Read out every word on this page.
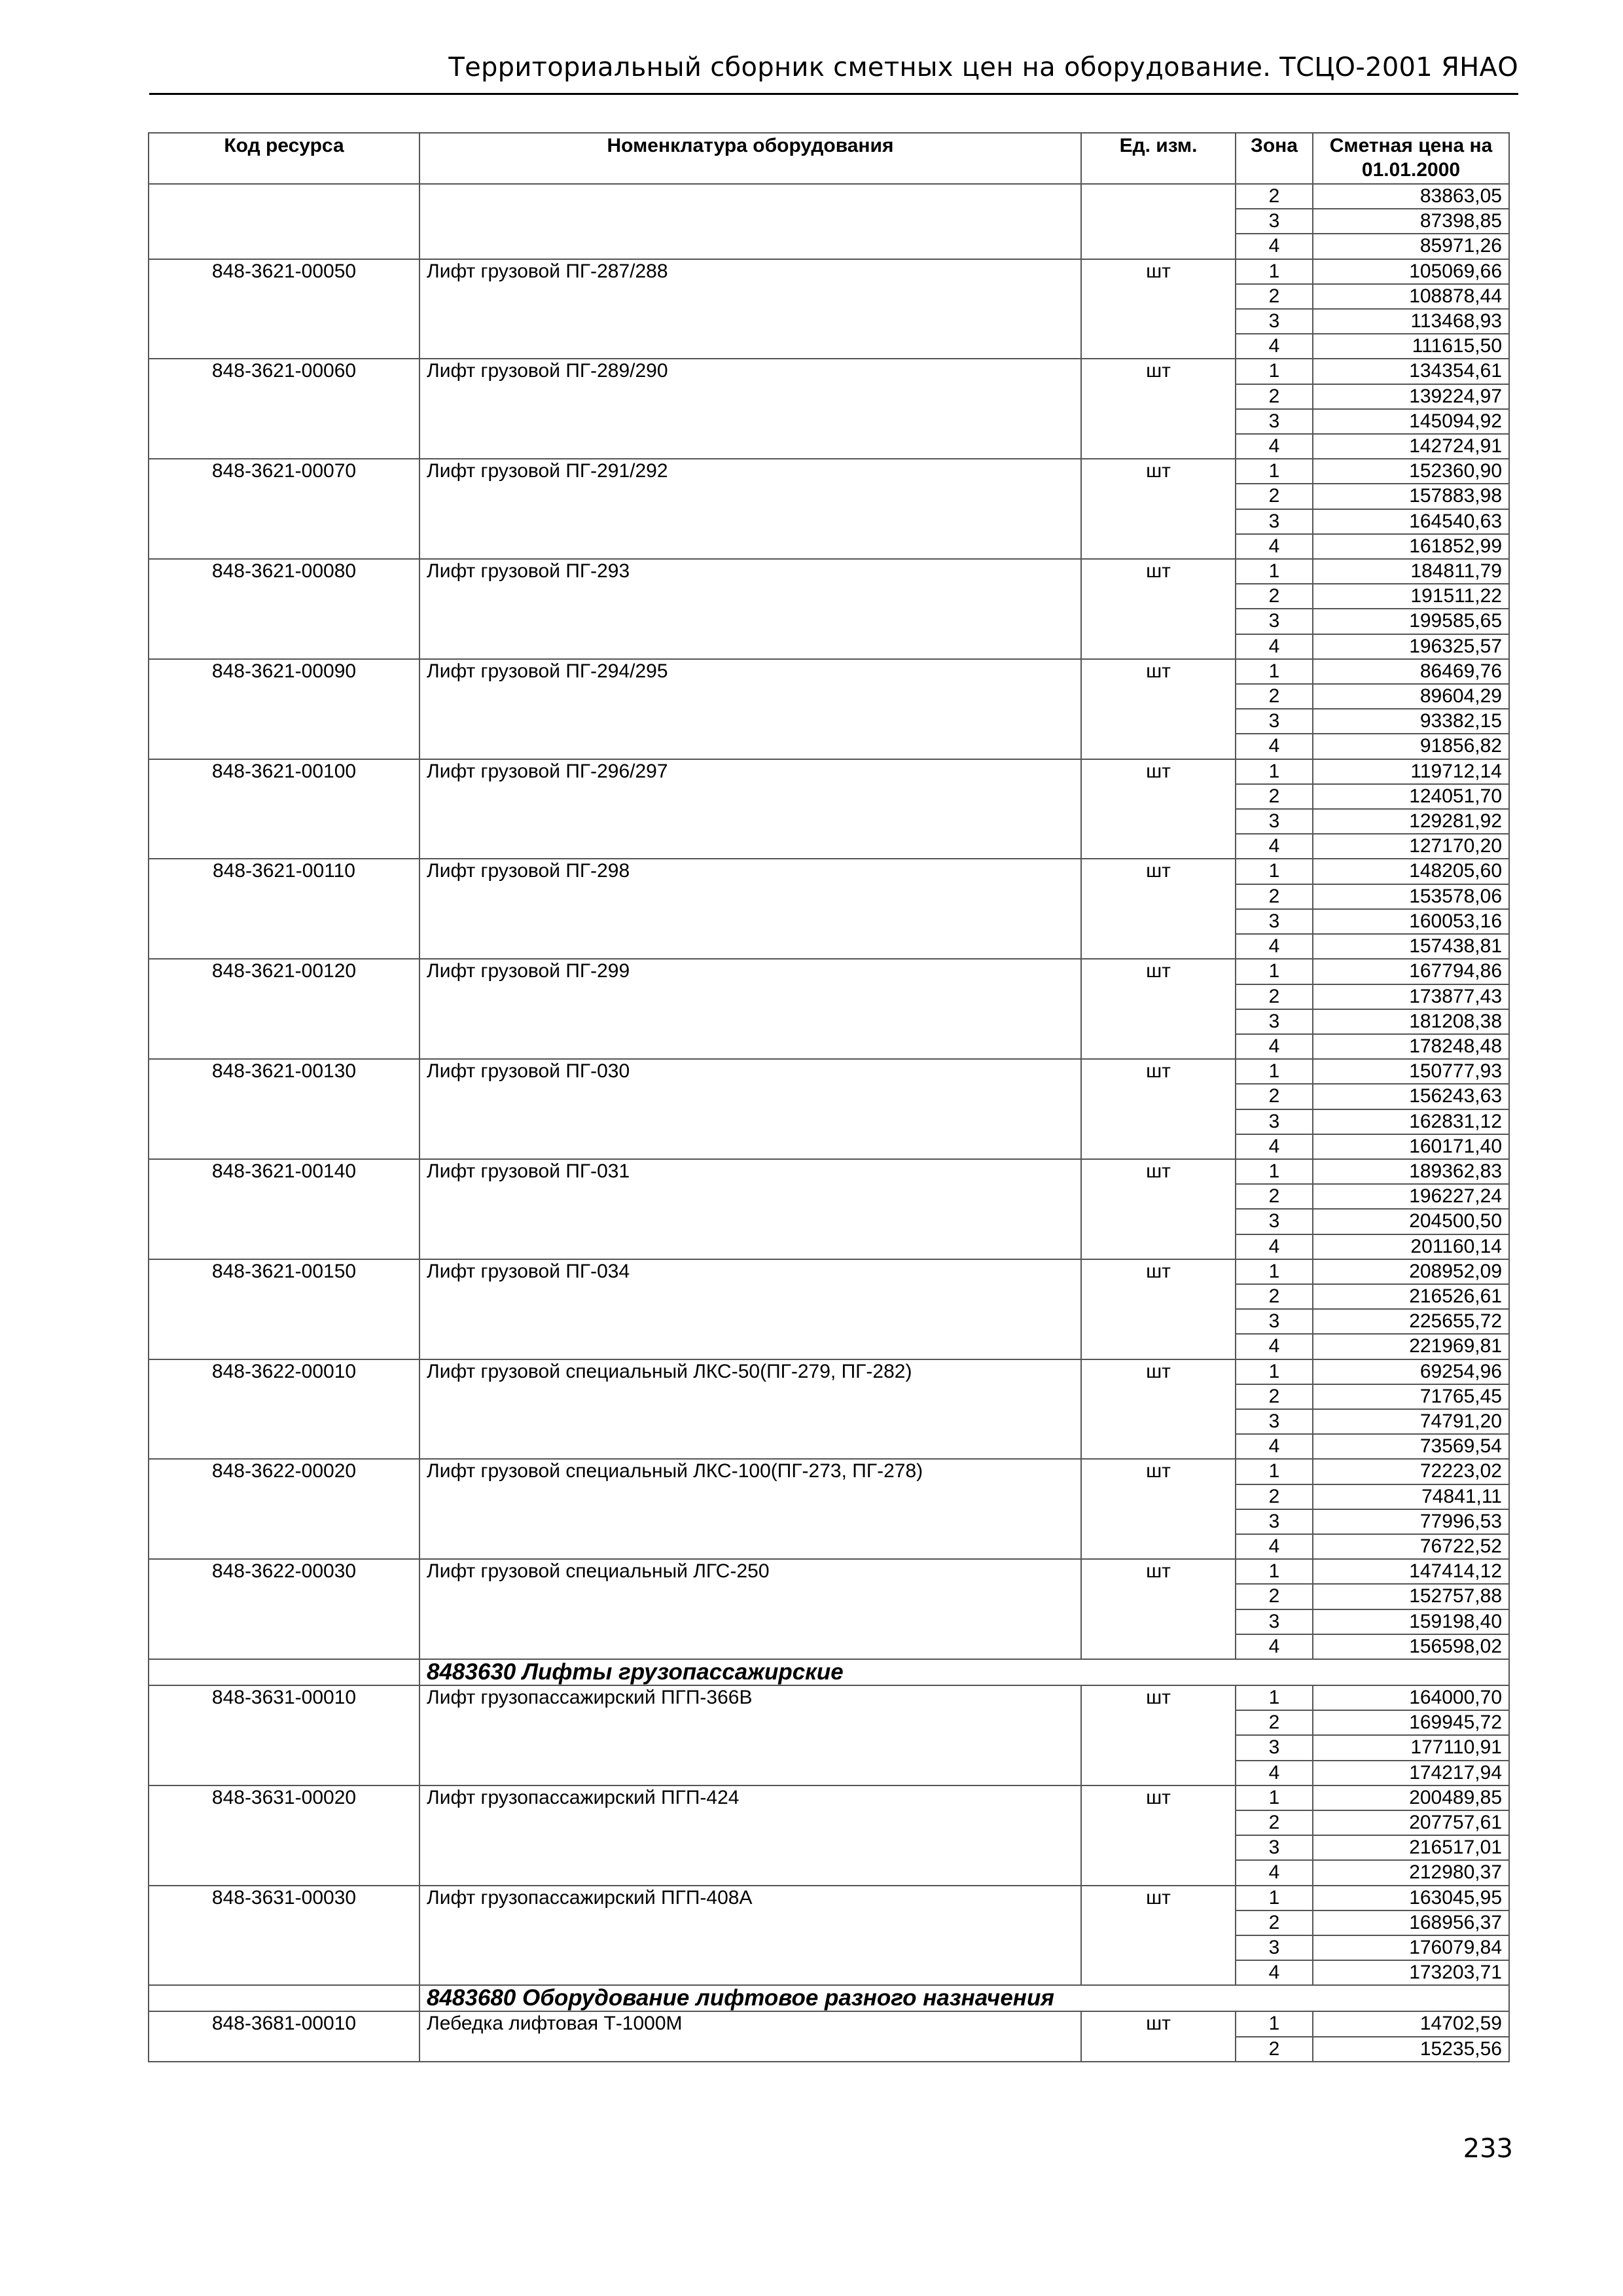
Территориальный сборник сметных цен на оборудование. ТСЦО-2001 ЯНАО
Код ресурса	Номенклатура оборудования	Ед. изм.	Зона	Сметная цена на 01.01.2000
			2	83863,05
			3	87398,85
			4	85971,26
848-3621-00050	Лифт грузовой ПГ-287/288	шт	1	105069,66
			2	108878,44
			3	113468,93
			4	111615,50
848-3621-00060	Лифт грузовой ПГ-289/290	шт	1	134354,61
			2	139224,97
			3	145094,92
			4	142724,91
848-3621-00070	Лифт грузовой ПГ-291/292	шт	1	152360,90
			2	157883,98
			3	164540,63
			4	161852,99
848-3621-00080	Лифт грузовой ПГ-293	шт	1	184811,79
			2	191511,22
			3	199585,65
			4	196325,57
848-3621-00090	Лифт грузовой ПГ-294/295	шт	1	86469,76
			2	89604,29
			3	93382,15
			4	91856,82
848-3621-00100	Лифт грузовой ПГ-296/297	шт	1	119712,14
			2	124051,70
			3	129281,92
			4	127170,20
848-3621-00110	Лифт грузовой ПГ-298	шт	1	148205,60
			2	153578,06
			3	160053,16
			4	157438,81
848-3621-00120	Лифт грузовой ПГ-299	шт	1	167794,86
			2	173877,43
			3	181208,38
			4	178248,48
848-3621-00130	Лифт грузовой ПГ-030	шт	1	150777,93
			2	156243,63
			3	162831,12
			4	160171,40
848-3621-00140	Лифт грузовой ПГ-031	шт	1	189362,83
			2	196227,24
			3	204500,50
			4	201160,14
848-3621-00150	Лифт грузовой ПГ-034	шт	1	208952,09
			2	216526,61
			3	225655,72
			4	221969,81
848-3622-00010	Лифт грузовой специальный ЛКС-50(ПГ-279, ПГ-282)	шт	1	69254,96
			2	71765,45
			3	74791,20
			4	73569,54
848-3622-00020	Лифт грузовой специальный ЛКС-100(ПГ-273, ПГ-278)	шт	1	72223,02
			2	74841,11
			3	77996,53
			4	76722,52
848-3622-00030	Лифт грузовой специальный ЛГС-250	шт	1	147414,12
			2	152757,88
			3	159198,40
			4	156598,02
	8483630 Лифты грузопассажирские			
848-3631-00010	Лифт грузопассажирский ПГП-366В	шт	1	164000,70
			2	169945,72
			3	177110,91
			4	174217,94
848-3631-00020	Лифт грузопассажирский ПГП-424	шт	1	200489,85
			2	207757,61
			3	216517,01
			4	212980,37
848-3631-00030	Лифт грузопассажирский ПГП-408А	шт	1	163045,95
			2	168956,37
			3	176079,84
			4	173203,71
	8483680 Оборудование лифтовое разного назначения			
848-3681-00010	Лебедка лифтовая Т-1000М	шт	1	14702,59
			2	15235,56
233
